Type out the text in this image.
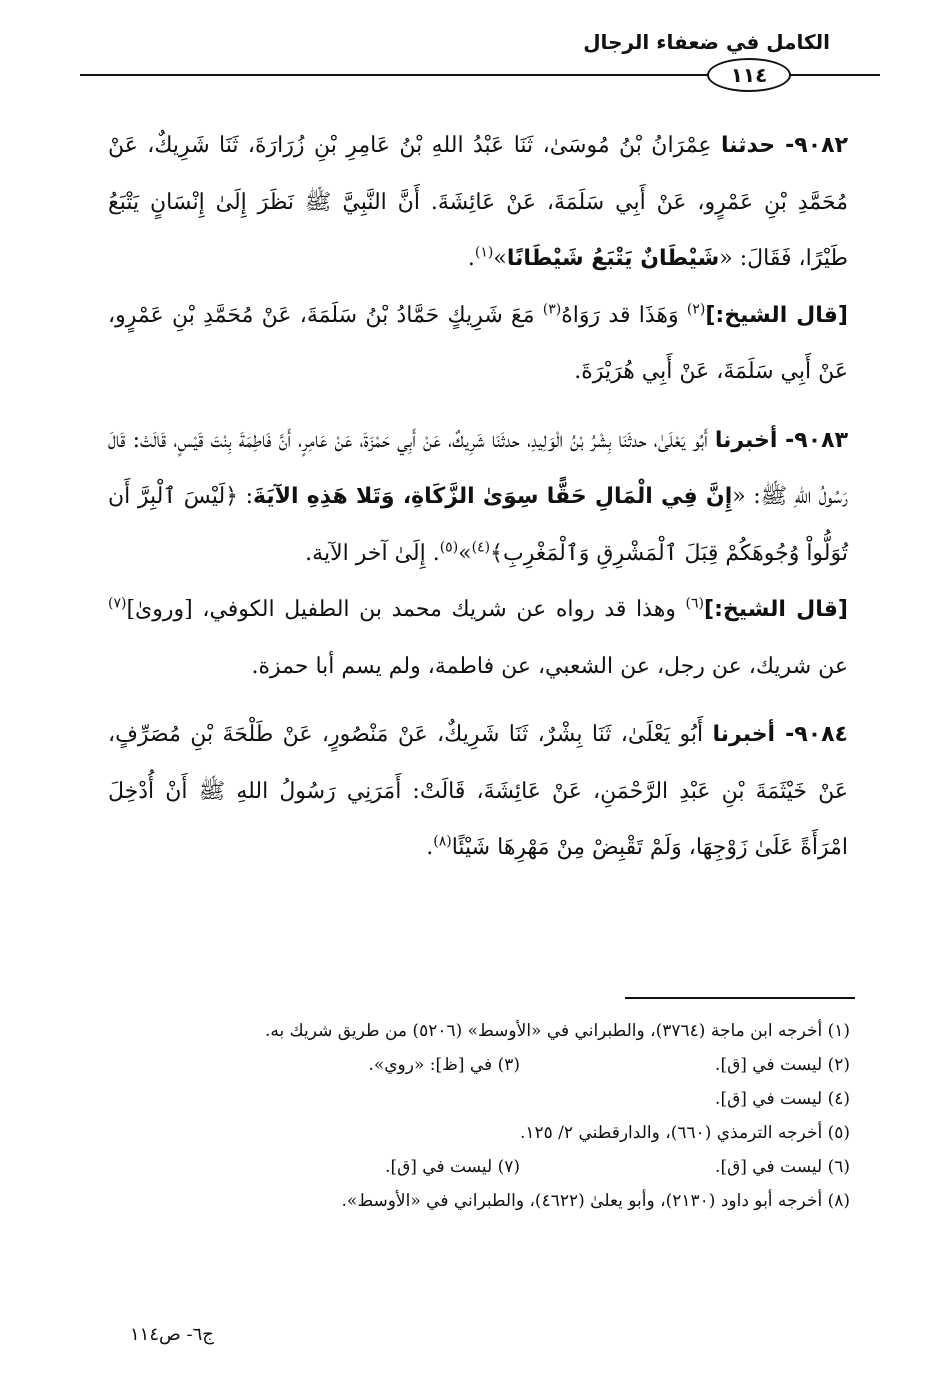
الكامل في ضعفاء الرجال
١١٤

٩٠٨٢- حدثنا عِمْرَانُ بْنُ مُوسَىٰ، ثَنَا عَبْدُ اللهِ بْنُ عَامِرِ بْنِ زُرَارَةَ، ثَنَا شَرِيكٌ، عَنْ مُحَمَّدِ بْنِ عَمْرٍو، عَنْ أَبِي سَلَمَةَ، عَنْ عَائِشَةَ. أَنَّ النَّبِيَّ ﷺ نَظَرَ إِلَىٰ إِنْسَانٍ يَتْبَعُ طَيْرًا، فَقَالَ: «شَيْطَانٌ يَتْبَعُ شَيْطَانًا»$^{(١)}$.

[قال الشيخ:]$^{(٢)}$ وَهَذَا قد رَوَاهُ$^{(٣)}$ مَعَ شَرِيكٍ حَمَّادُ بْنُ سَلَمَةَ، عَنْ مُحَمَّدِ بْنِ عَمْرٍو، عَنْ أَبِي سَلَمَةَ، عَنْ أَبِي هُرَيْرَةَ.

٩٠٨٣- أخبرنا أَبُو يَعْلَىٰ، حدثَنَا بِشْرُ بْنُ الْوَلِيدِ، حدثَنَا شَرِيكٌ، عَنْ أَبِي حَمْزَةَ، عَنْ عَامِرٍ، أَنَّ فَاطِمَةَ بِنْتَ قَيْسٍ، قَالَتْ: قَالَ رَسُولُ اللهِ ﷺ: «إِنَّ فِي الْمَالِ حَقًّا سِوَىٰ الزَّكَاةِ، وَتَلا هَذِهِ الآيَةَ: ﴿لَيْسَ ٱلْبِرَّ أَن تُوَلُّواْ وُجُوهَكُمْ قِبَلَ ٱلْمَشْرِقِ وَٱلْمَغْرِبِ﴾$^{(٤)}$»$^{(٥)}$. إِلَىٰ آخر الآية.

[قال الشيخ:]$^{(٦)}$ وهذا قد رواه عن شريك محمد بن الطفيل الكوفي، [وروىٰ]$^{(٧)}$ عن شريك، عن رجل، عن الشعبي، عن فاطمة، ولم يسم أبا حمزة.

٩٠٨٤- أخبرنا أَبُو يَعْلَىٰ، ثَنَا بِشْرٌ، ثَنَا شَرِيكٌ، عَنْ مَنْصُورٍ، عَنْ طَلْحَةَ بْنِ مُصَرِّفٍ، عَنْ خَيْثَمَةَ بْنِ عَبْدِ الرَّحْمَنِ، عَنْ عَائِشَةَ، قَالَتْ: أَمَرَنِي رَسُولُ اللهِ ﷺ أَنْ أُدْخِلَ امْرَأَةً عَلَىٰ زَوْجِهَا، وَلَمْ تَقْبِضْ مِنْ مَهْرِهَا شَيْئًا$^{(٨)}$.

(١) أخرجه ابن ماجة (٣٧٦٤)، والطبراني في «الأوسط» (٥٢٠٦) من طريق شريك به.
(٢) ليست في [ق].
(٣) في [ظ]: «روي».
(٤) ليست في [ق].
(٥) أخرجه الترمذي (٦٦٠)، والدارقطني ٢/ ١٢٥.
(٦) ليست في [ق].
(٧) ليست في [ق].
(٨) أخرجه أبو داود (٢١٣٠)، وأبو يعلىٰ (٤٦٢٢)، والطبراني في «الأوسط».
ج٦- ص١١٤
